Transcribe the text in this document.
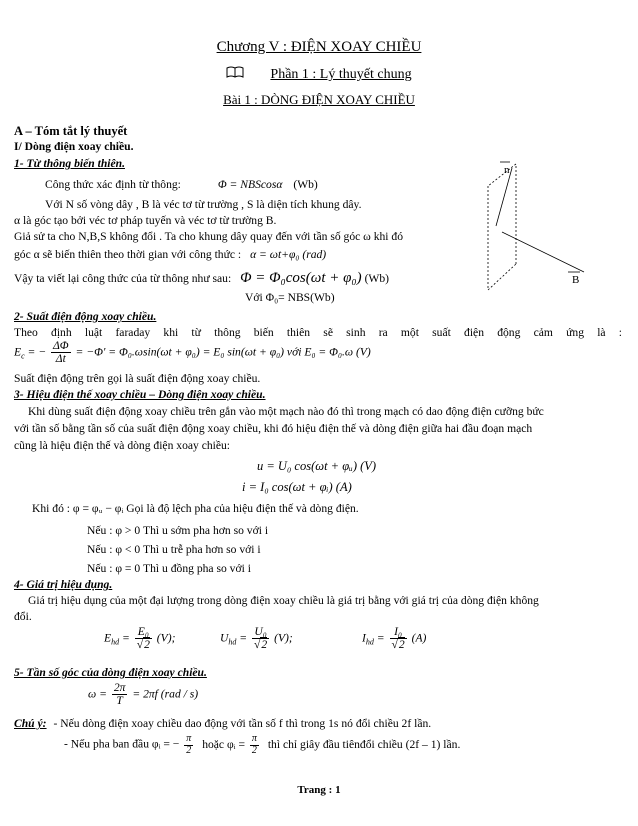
Chương V : ĐIỆN XOAY CHIỀU
Phần 1 : Lý thuyết chung
Bài 1 : DÒNG ĐIỆN XOAY CHIỀU
A – Tóm tắt lý thuyết
I/ Dòng điện xoay chiều.
1- Từ thông biến thiên.
Công thức xác định từ thông:	Φ = NBScosα (Wb)
Với N số vòng dây , B là véc tơ từ trường , S là diện tích khung dây.
α là góc tạo bởi véc tơ pháp tuyến và véc tơ từ trường B.
Giả sử ta cho N,B,S không đổi . Ta cho khung dây quay đến với tần số góc ω khi đó
góc α sẽ biến thiên theo thời gian với công thức : α = ωt+φ₀ (rad)
Vậy ta viết lại công thức của từ thông như sau: Φ = Φ₀cos(ωt + φ₀) (Wb)
Với Φ₀= NBS(Wb)
n
B
2- Suất điện động xoay chiều.
Theo định luật faraday khi từ thông biến thiên sẽ sinh ra một suất điện động cảm ứng là :
$E_c$ = − $\frac{\Delta\Phi}{\Delta t} = -\Phi' = \Phi_0.\omega\sin(\omega t + \varphi_0) = E_0$ sin(ωt + φ₀) với E₀ = Φ₀.ω (V)
Suất điện động trên gọi là suất điện động xoay chiều.
3- Hiệu điện thế xoay chiều – Dòng điện xoay chiều.
Khi dùng suất điện động xoay chiều trên gắn vào một mạch nào đó thì trong mạch có dao động điện cưỡng bức
với tần số bằng tần số của suất điện động xoay chiều, khi đó hiệu điện thế và dòng điện giữa hai đầu đoạn mạch
cũng là hiệu điện thế và dòng điện xoay chiều:
u = U₀ cos(ωt + φᵤ) (V)
i = I₀ cos(ωt + φᵢ) (A)
Khi đó : φ = φᵤ − φᵢ Gọi là độ lệch pha của hiệu điện thế và dòng điện.
Nếu : φ > 0 Thì u sớm pha hơn so với i
Nếu : φ < 0 Thì u trễ pha hơn so với i
Nếu : φ = 0 Thì u đồng pha so với i
4- Giá trị hiệu dụng.
Giá trị hiệu dụng của một đại lượng trong dòng điện xoay chiều là giá trị bằng với giá trị của dòng điện không
đổi.
$E_{hd} = \frac{\text{E₀}}{√2} (V)$;	$U_{hd} = \frac{\text{U₀}}{√2} (V)$;	$I_{hd} = \frac{\text{I₀}}{√2} (A)$
5- Tần số góc của dòng điện xoay chiều.
$\omega = \frac{2\pi}{T} = 2\pi f$ (rad / s)
Chú ý: - Nếu dòng điện xoay chiều dao động với tần số f thì trong 1s nó đổi chiều 2f lần.
- Nếu pha ban đầu φᵢ = − $\frac{\pi}{2}$ hoặc φᵢ = $\frac{\pi}{2}$ thì chỉ giây đầu tiênđổi chiều (2f – 1) lần.
Trang : 1
